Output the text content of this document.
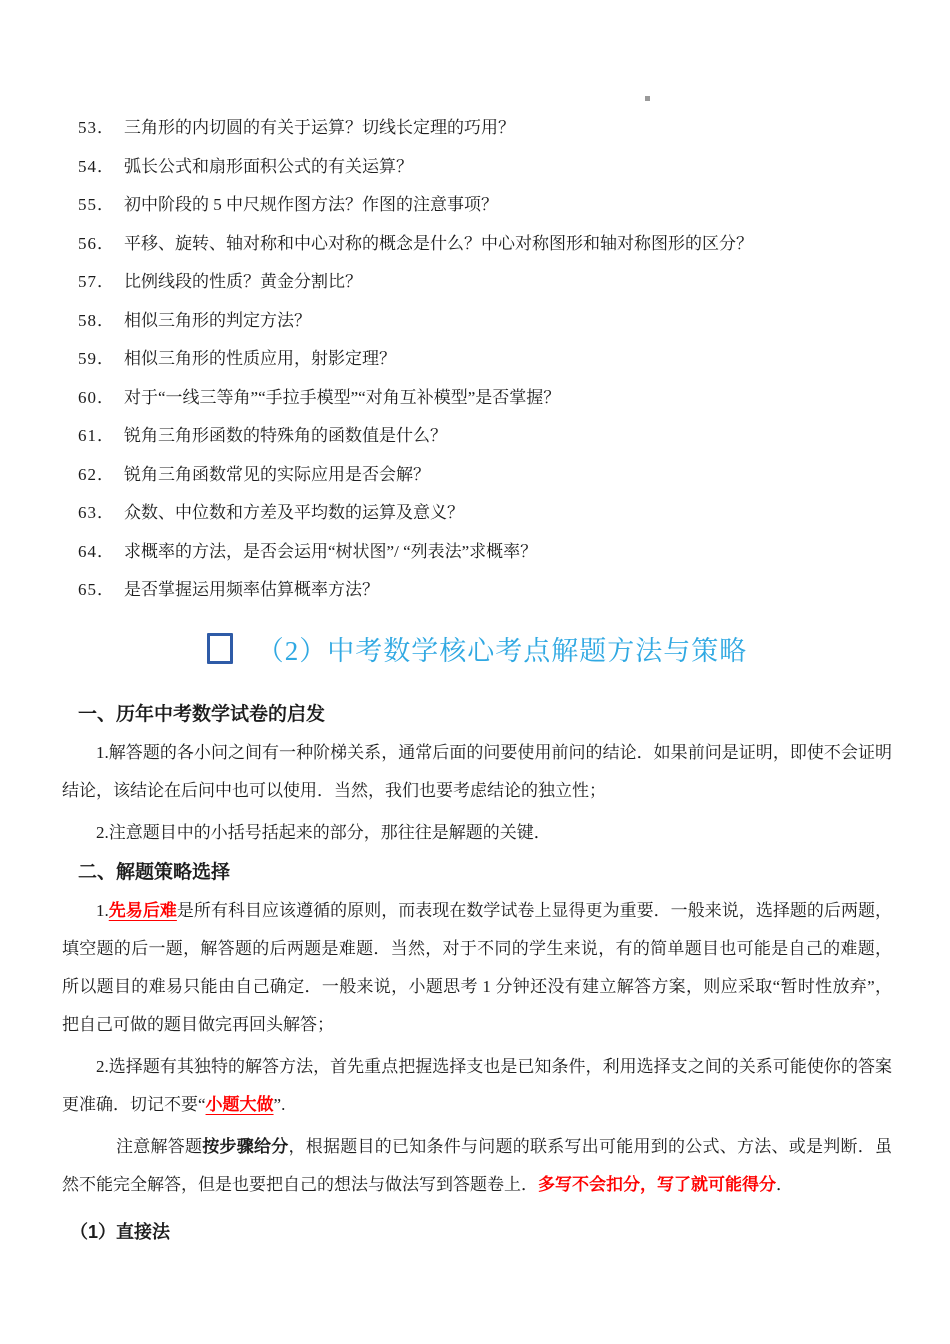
53． 三角形的内切圆的有关于运算？切线长定理的巧用？
54． 弧长公式和扇形面积公式的有关运算？
55． 初中阶段的 5 中尺规作图方法？作图的注意事项？
56． 平移、旋转、轴对称和中心对称的概念是什么？中心对称图形和轴对称图形的区分？
57． 比例线段的性质？黄金分割比？
58． 相似三角形的判定方法？
59． 相似三角形的性质应用，射影定理？
60． 对于“一线三等角”“手拉手模型”“对角互补模型”是否掌握？
61． 锐角三角形函数的特殊角的函数值是什么？
62． 锐角三角函数常见的实际应用是否会解？
63． 众数、中位数和方差及平均数的运算及意义？
64． 求概率的方法，是否会运用“树状图”/ “列表法”求概率？
65． 是否掌握运用频率估算概率方法？
（2）中考数学核心考点解题方法与策略
一、历年中考数学试卷的启发
1.解答题的各小问之间有一种阶梯关系，通常后面的问要使用前问的结论．如果前问是证明，即使不会证明结论，该结论在后问中也可以使用．当然，我们也要考虑结论的独立性；
2.注意题目中的小括号括起来的部分，那往往是解题的关键．
二、解题策略选择
1.先易后难是所有科目应该遵循的原则，而表现在数学试卷上显得更为重要．一般来说，选择题的后两题，填空题的后一题，解答题的后两题是难题．当然，对于不同的学生来说，有的简单题目也可能是自己的难题，所以题目的难易只能由自己确定．一般来说，小题思考 1 分钟还没有建立解答方案，则应采取“暂时性放弃”，把自己可做的题目做完再回头解答；
2.选择题有其独特的解答方法，首先重点把握选择支也是已知条件，利用选择支之间的关系可能使你的答案更准确．切记不要“小题大做”.
注意解答题按步骤给分，根据题目的已知条件与问题的联系写出可能用到的公式、方法、或是判断．虽然不能完全解答，但是也要把自己的想法与做法写到答题卷上．多写不会扣分，写了就可能得分．
（1）直接法
